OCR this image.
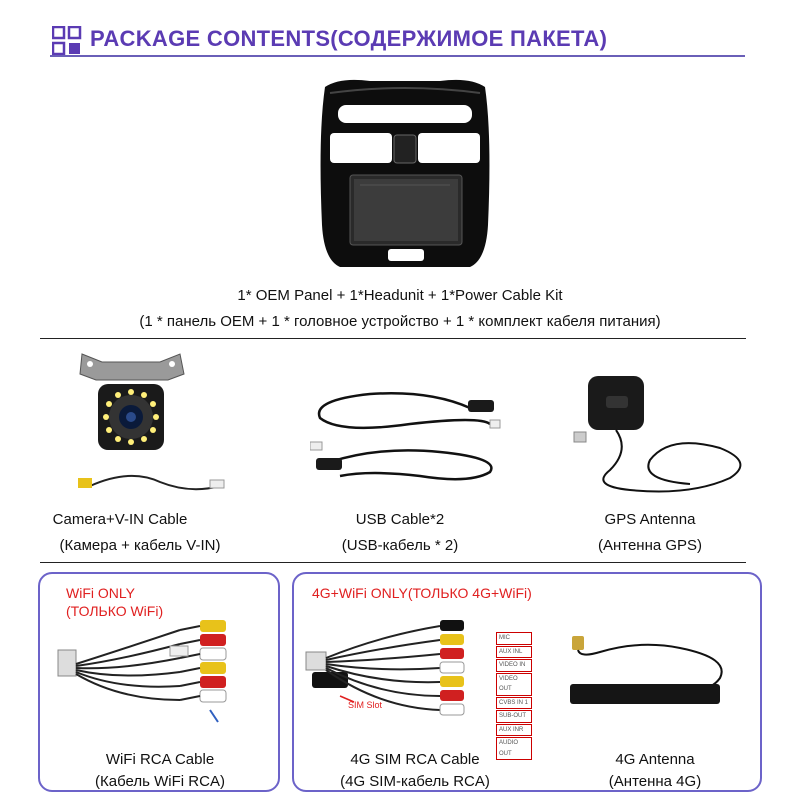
PACKAGE CONTENTS(СОДЕРЖИМОЕ ПАКЕТА)
1* OEM Panel + 1*Headunit + 1*Power Cable Kit
(1 * панель OEM + 1 * головное устройство + 1 * комплект кабеля питания)
Camera+V-IN Cable
(Камера + кабель V-IN)
USB Cable*2
(USB-кабель * 2)
GPS Antenna
(Антенна GPS)
WiFi ONLY
(ТОЛЬКО WiFi)
WiFi RCA Cable
(Кабель WiFi RCA)
4G+WiFi ONLY(ТОЛЬКО 4G+WiFi)
SIM Slot
MIC
AUX INL
VIDEO IN
VIDEO OUT
CVBS IN 1
SUB-OUT
AUX INR
AUDIO OUT
4G SIM RCA Cable
(4G SIM-кабель RCA)
4G Antenna
(Антенна 4G)
